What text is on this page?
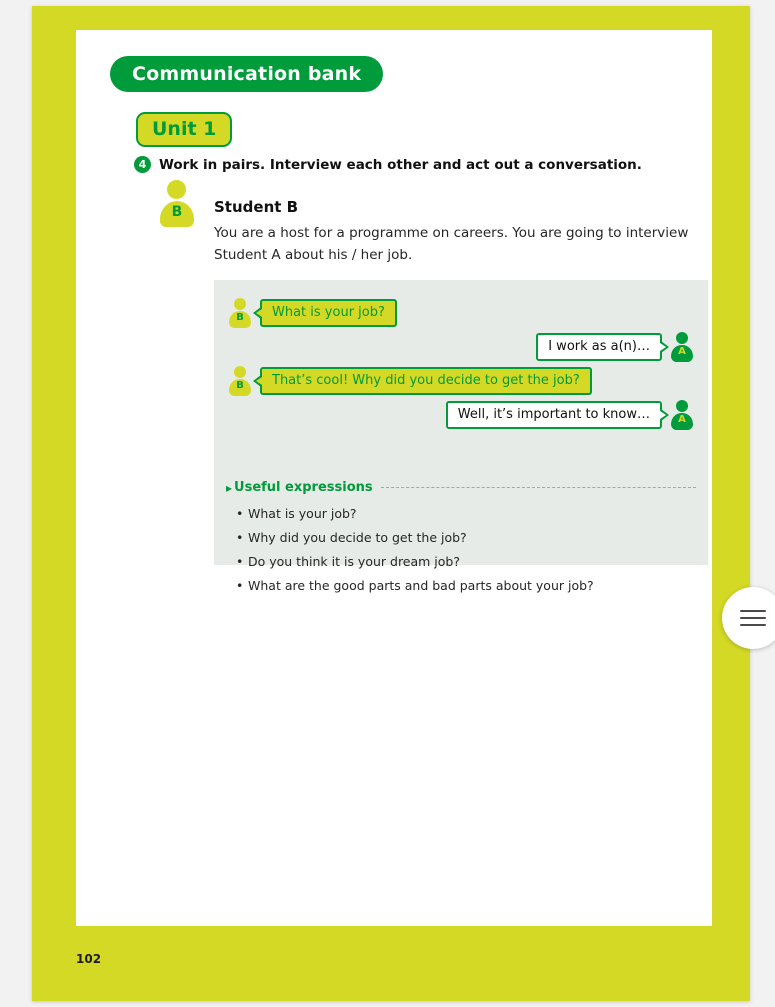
Communication bank
Unit 1
4 Work in pairs. Interview each other and act out a conversation.
B	Student B
You are a host for a programme on careers. You are going to interview Student A about his / her job.
B	What is your job?
I work as a(n)…	A
B	That’s cool! Why did you decide to get the job?
Well, it’s important to know…	A
▸ Useful expressions
• What is your job?
• Why did you decide to get the job?
• Do you think it is your dream job?
• What are the good parts and bad parts about your job?
102
